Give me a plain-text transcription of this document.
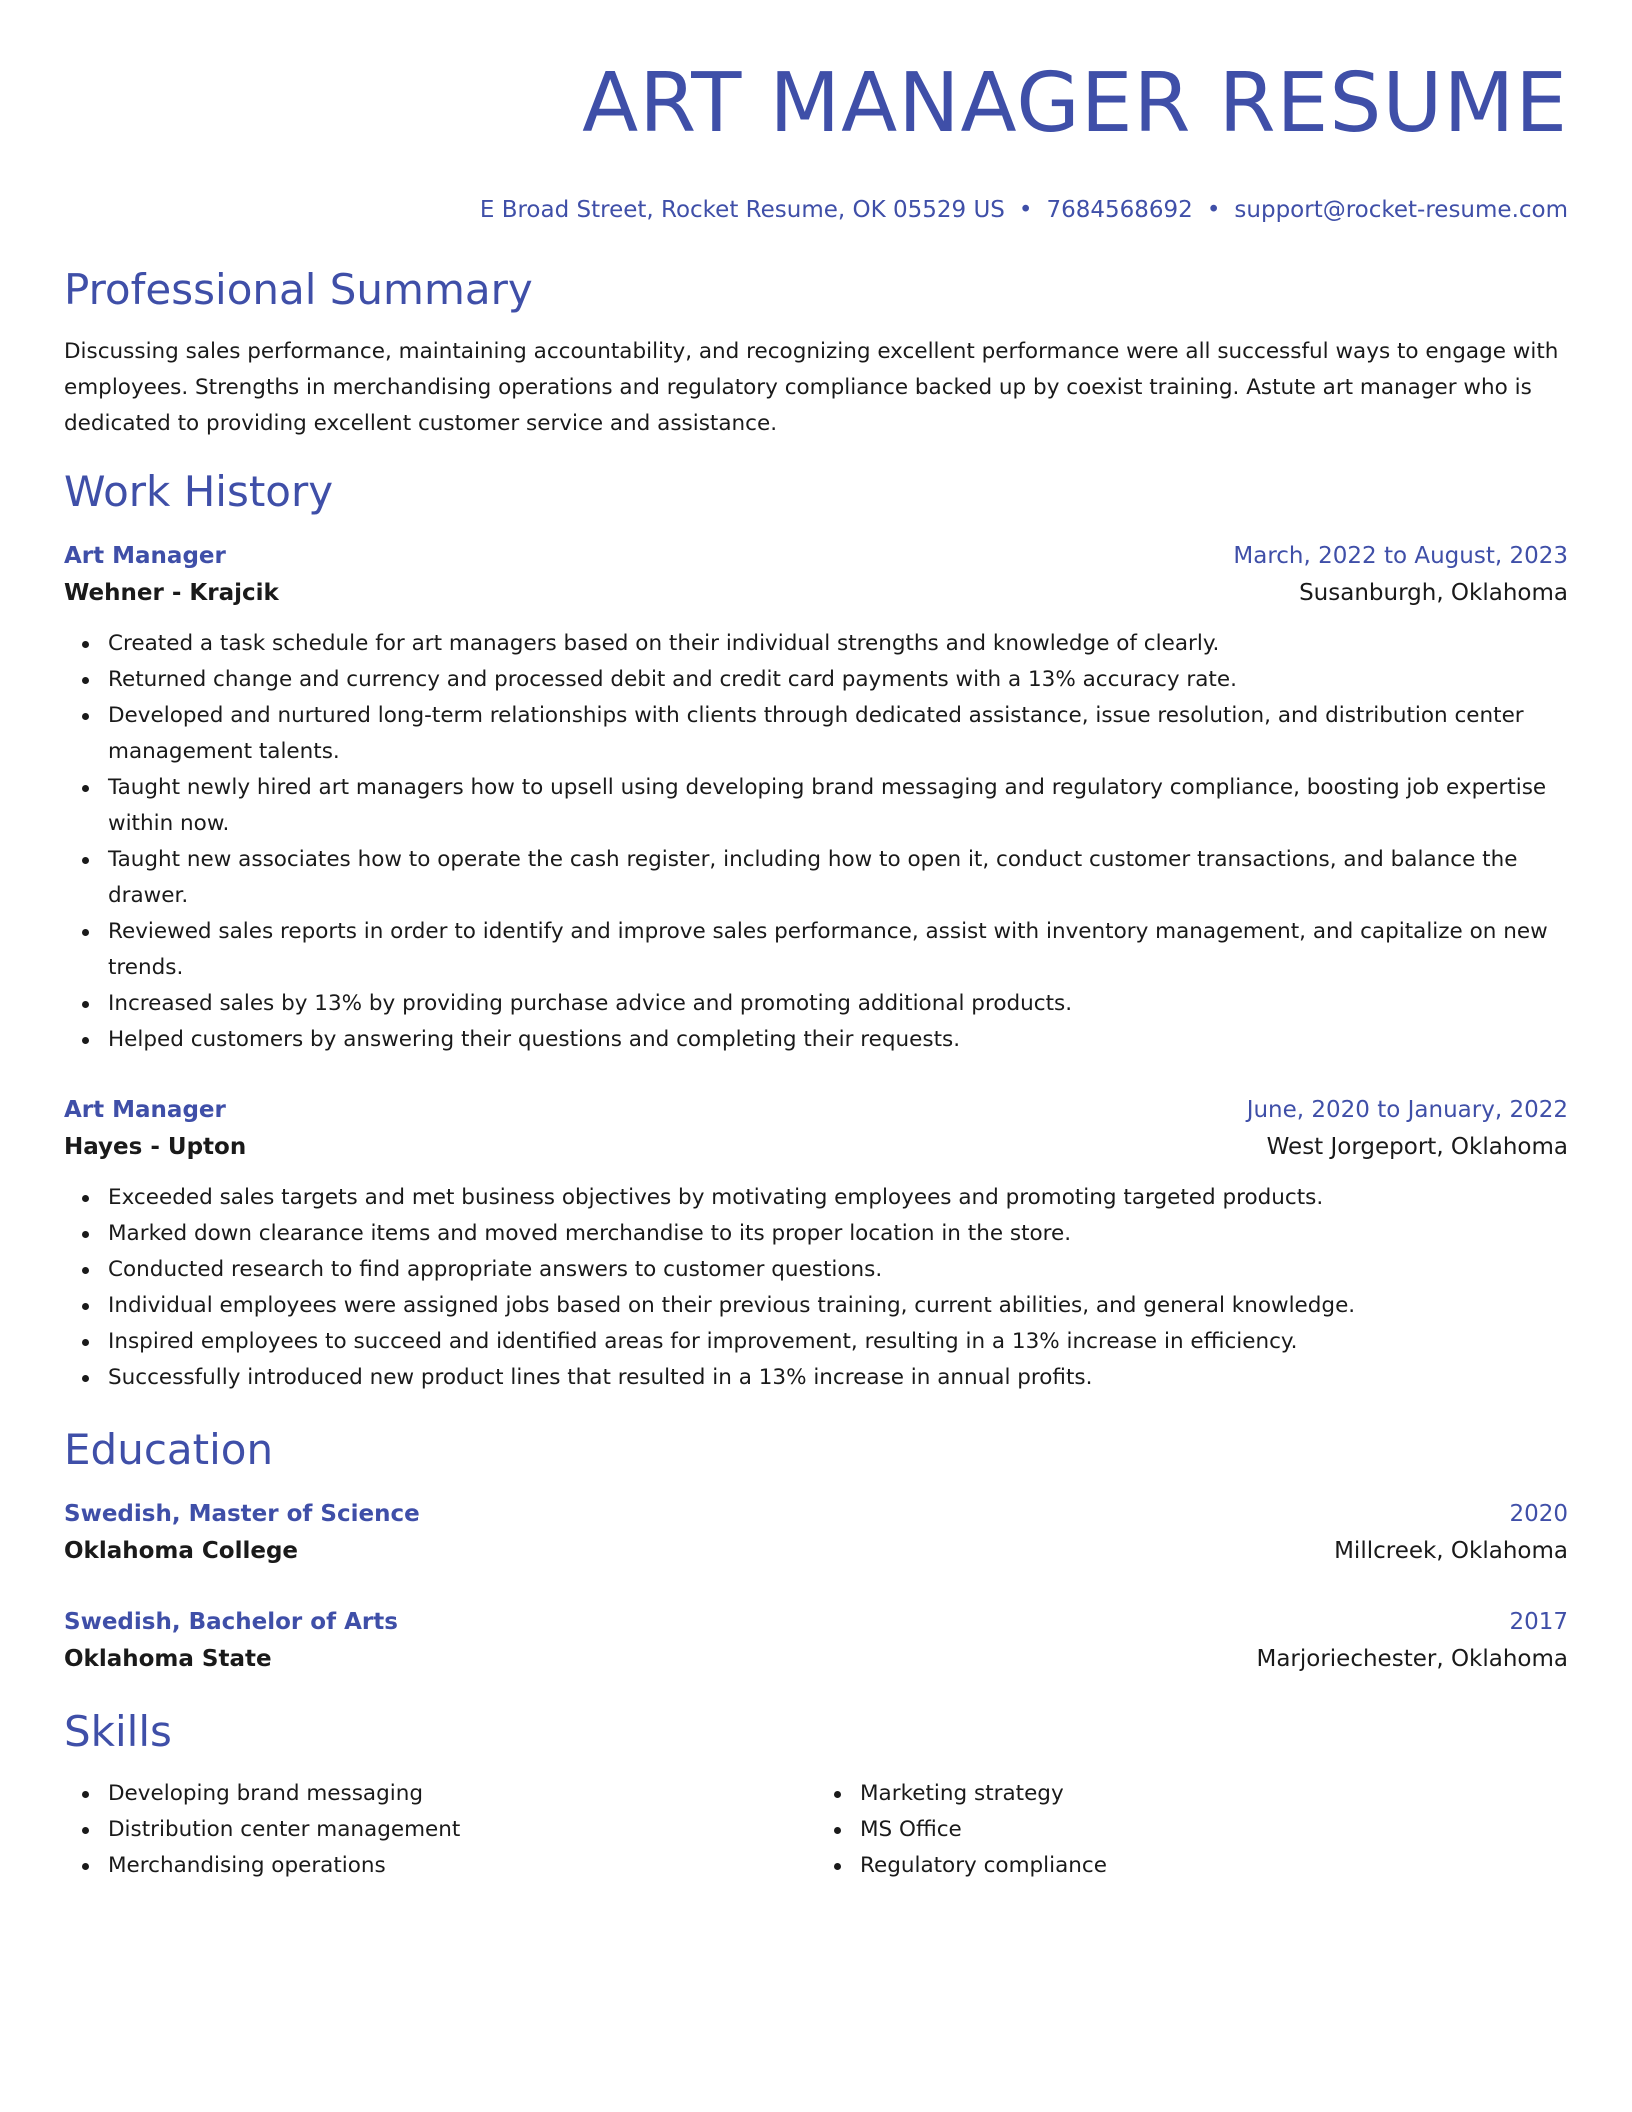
ART MANAGER RESUME
E Broad Street, Rocket Resume, OK 05529 US • 7684568692 • support@rocket-resume.com
Professional Summary
Discussing sales performance, maintaining accountability, and recognizing excellent performance were all successful ways to engage with employees. Strengths in merchandising operations and regulatory compliance backed up by coexist training. Astute art manager who is dedicated to providing excellent customer service and assistance.
Work History
Art Manager	March, 2022 to August, 2023
Wehner - Krajcik	Susanburgh, Oklahoma
Created a task schedule for art managers based on their individual strengths and knowledge of clearly.
Returned change and currency and processed debit and credit card payments with a 13% accuracy rate.
Developed and nurtured long-term relationships with clients through dedicated assistance, issue resolution, and distribution center management talents.
Taught newly hired art managers how to upsell using developing brand messaging and regulatory compliance, boosting job expertise within now.
Taught new associates how to operate the cash register, including how to open it, conduct customer transactions, and balance the drawer.
Reviewed sales reports in order to identify and improve sales performance, assist with inventory management, and capitalize on new trends.
Increased sales by 13% by providing purchase advice and promoting additional products.
Helped customers by answering their questions and completing their requests.
Art Manager	June, 2020 to January, 2022
Hayes - Upton	West Jorgeport, Oklahoma
Exceeded sales targets and met business objectives by motivating employees and promoting targeted products.
Marked down clearance items and moved merchandise to its proper location in the store.
Conducted research to find appropriate answers to customer questions.
Individual employees were assigned jobs based on their previous training, current abilities, and general knowledge.
Inspired employees to succeed and identified areas for improvement, resulting in a 13% increase in efficiency.
Successfully introduced new product lines that resulted in a 13% increase in annual profits.
Education
Swedish, Master of Science	2020
Oklahoma College	Millcreek, Oklahoma
Swedish, Bachelor of Arts	2017
Oklahoma State	Marjoriechester, Oklahoma
Skills
Developing brand messaging
Distribution center management
Merchandising operations
Marketing strategy
MS Office
Regulatory compliance
